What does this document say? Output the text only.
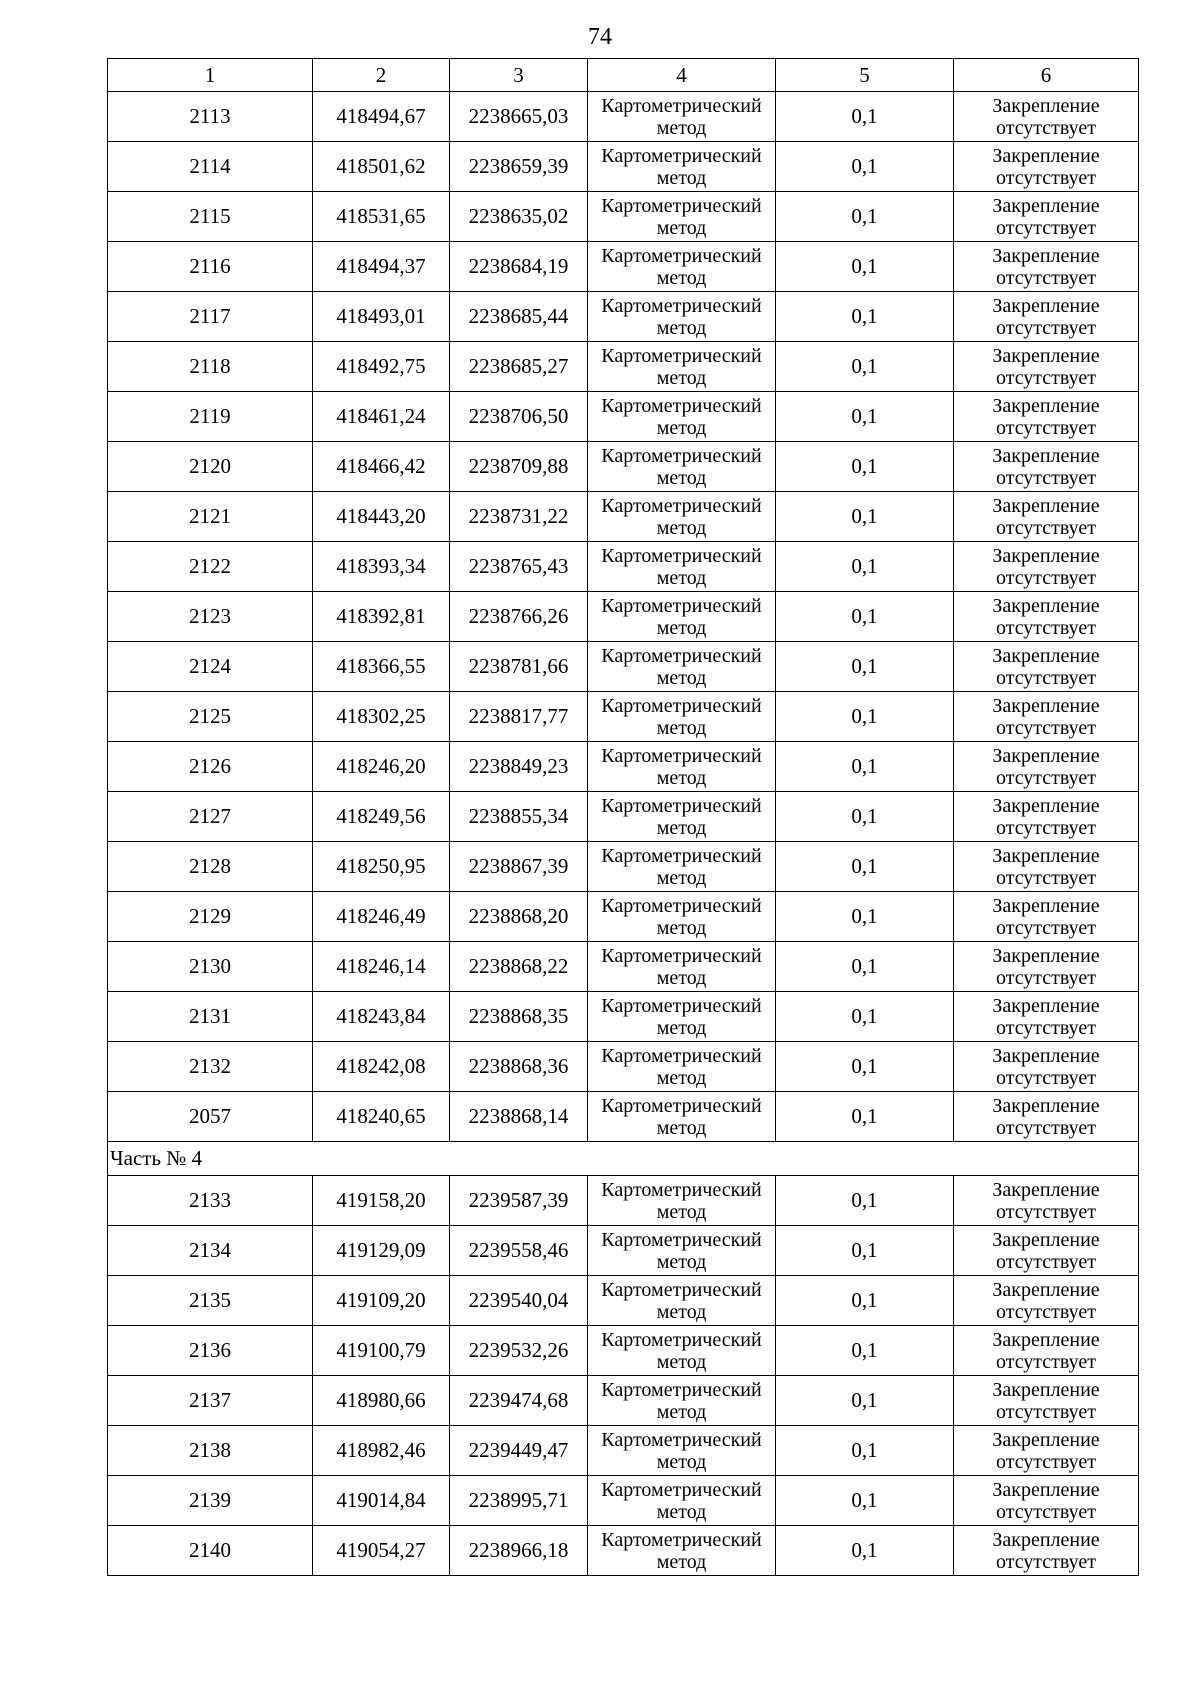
74
1	2	3	4	5	6
2113	418494,67	2238665,03	Картометрический метод	0,1	Закрепление отсутствует
2114	418501,62	2238659,39	Картометрический метод	0,1	Закрепление отсутствует
2115	418531,65	2238635,02	Картометрический метод	0,1	Закрепление отсутствует
2116	418494,37	2238684,19	Картометрический метод	0,1	Закрепление отсутствует
2117	418493,01	2238685,44	Картометрический метод	0,1	Закрепление отсутствует
2118	418492,75	2238685,27	Картометрический метод	0,1	Закрепление отсутствует
2119	418461,24	2238706,50	Картометрический метод	0,1	Закрепление отсутствует
2120	418466,42	2238709,88	Картометрический метод	0,1	Закрепление отсутствует
2121	418443,20	2238731,22	Картометрический метод	0,1	Закрепление отсутствует
2122	418393,34	2238765,43	Картометрический метод	0,1	Закрепление отсутствует
2123	418392,81	2238766,26	Картометрический метод	0,1	Закрепление отсутствует
2124	418366,55	2238781,66	Картометрический метод	0,1	Закрепление отсутствует
2125	418302,25	2238817,77	Картометрический метод	0,1	Закрепление отсутствует
2126	418246,20	2238849,23	Картометрический метод	0,1	Закрепление отсутствует
2127	418249,56	2238855,34	Картометрический метод	0,1	Закрепление отсутствует
2128	418250,95	2238867,39	Картометрический метод	0,1	Закрепление отсутствует
2129	418246,49	2238868,20	Картометрический метод	0,1	Закрепление отсутствует
2130	418246,14	2238868,22	Картометрический метод	0,1	Закрепление отсутствует
2131	418243,84	2238868,35	Картометрический метод	0,1	Закрепление отсутствует
2132	418242,08	2238868,36	Картометрический метод	0,1	Закрепление отсутствует
2057	418240,65	2238868,14	Картометрический метод	0,1	Закрепление отсутствует
Часть № 4					
2133	419158,20	2239587,39	Картометрический метод	0,1	Закрепление отсутствует
2134	419129,09	2239558,46	Картометрический метод	0,1	Закрепление отсутствует
2135	419109,20	2239540,04	Картометрический метод	0,1	Закрепление отсутствует
2136	419100,79	2239532,26	Картометрический метод	0,1	Закрепление отсутствует
2137	418980,66	2239474,68	Картометрический метод	0,1	Закрепление отсутствует
2138	418982,46	2239449,47	Картометрический метод	0,1	Закрепление отсутствует
2139	419014,84	2238995,71	Картометрический метод	0,1	Закрепление отсутствует
2140	419054,27	2238966,18	Картометрический метод	0,1	Закрепление отсутствует
